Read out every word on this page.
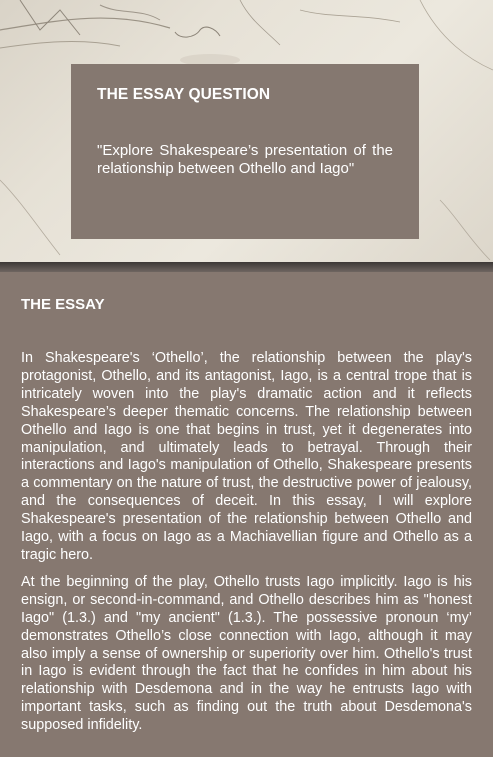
THE ESSAY QUESTION
"Explore Shakespeare’s presentation of the relationship between Othello and Iago"
THE ESSAY

In Shakespeare's ‘Othello’, the relationship between the play's protagonist, Othello, and its antagonist, Iago, is a central trope that is intricately woven into the play's dramatic action and it reflects Shakespeare’s deeper thematic concerns. The relationship between Othello and Iago is one that begins in trust, yet it degenerates into manipulation, and ultimately leads to betrayal. Through their interactions and Iago's manipulation of Othello, Shakespeare presents a commentary on the nature of trust, the destructive power of jealousy, and the consequences of deceit. In this essay, I will explore Shakespeare's presentation of the relationship between Othello and Iago, with a focus on Iago as a Machiavellian figure and Othello as a tragic hero.

At the beginning of the play, Othello trusts Iago implicitly. Iago is his ensign, or second-in-command, and Othello describes him as "honest Iago" (1.3.) and "my ancient" (1.3.). The possessive pronoun ‘my’ demonstrates Othello’s close connection with Iago, although it may also imply a sense of ownership or superiority over him. Othello's trust in Iago is evident through the fact that he confides in him about his relationship with Desdemona and in the way he entrusts Iago with important tasks, such as finding out the truth about Desdemona's supposed infidelity.
